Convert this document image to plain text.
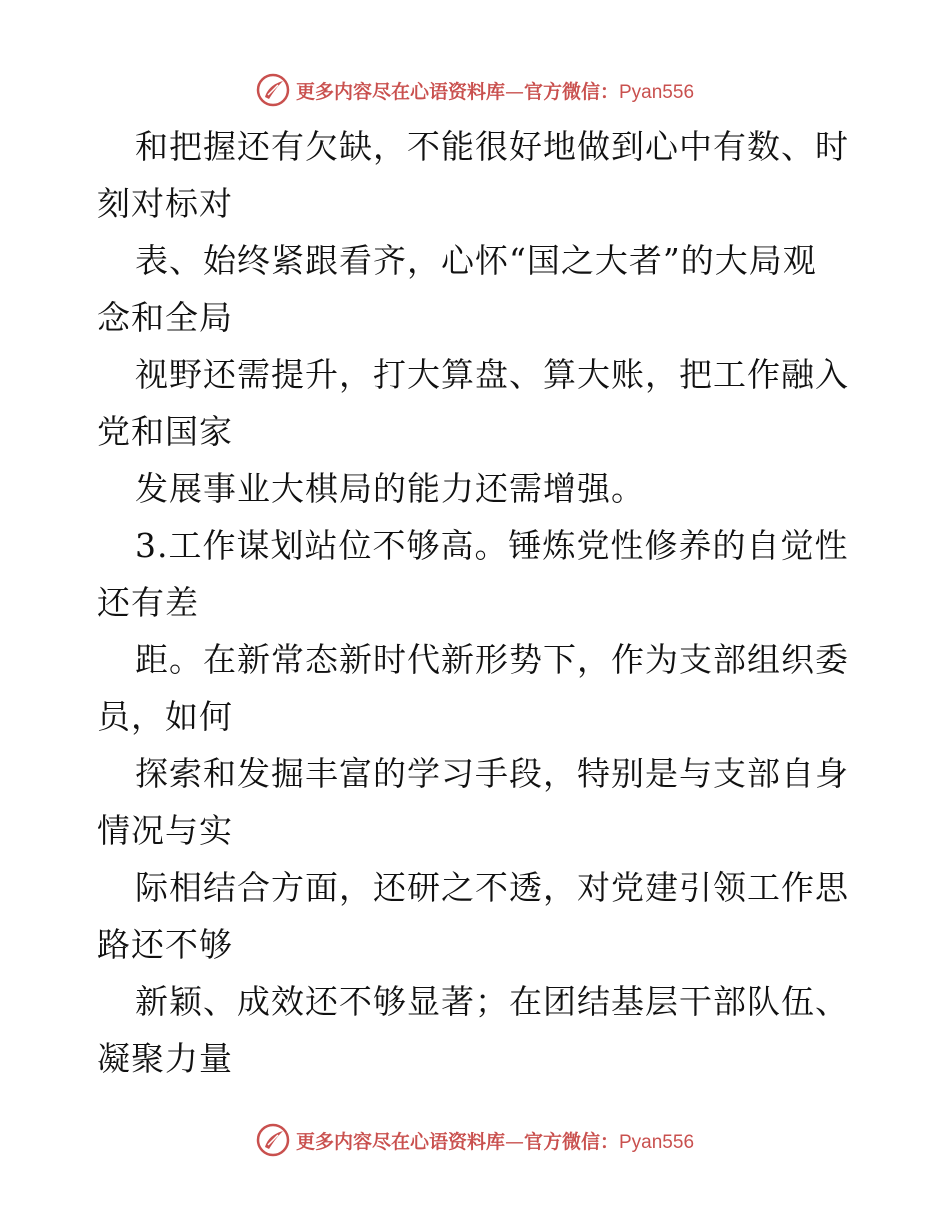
更多内容尽在心语资料库—官方微信：Pyan556

和把握还有欠缺，不能很好地做到心中有数、时
刻对标对

表、始终紧跟看齐，心怀“国之大者”的大局观
念和全局

视野还需提升，打大算盘、算大账，把工作融入
党和国家

发展事业大棋局的能力还需增强。

3.工作谋划站位不够高。锤炼党性修养的自觉性
还有差

距。在新常态新时代新形势下，作为支部组织委
员，如何

探索和发掘丰富的学习手段，特别是与支部自身
情况与实

际相结合方面，还研之不透，对党建引领工作思
路还不够

新颖、成效还不够显著；在团结基层干部队伍、
凝聚力量

更多内容尽在心语资料库—官方微信：Pyan556
